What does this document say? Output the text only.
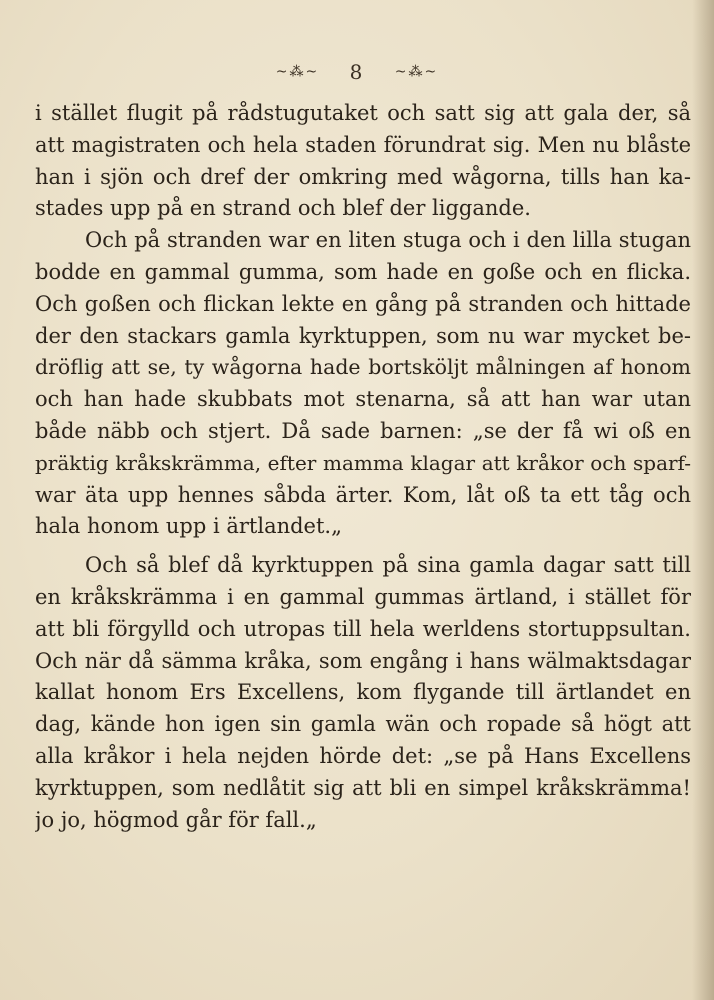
~⁂~ 8 ~⁂~
i stället flugit på rådstugutaket och satt sig att gala der, så
att magistraten och hela staden förundrat sig. Men nu blåste
han i sjön och dref der omkring med wågorna, tills han ka-
stades upp på en strand och blef der liggande.
Och på stranden war en liten stuga och i den lilla stugan
bodde en gammal gumma, som hade en goße och en flicka.
Och goßen och flickan lekte en gång på stranden och hittade
der den stackars gamla kyrktuppen, som nu war mycket be-
dröflig att se, ty wågorna hade bortsköljt målningen af honom
och han hade skubbats mot stenarna, så att han war utan
både näbb och stjert. Då sade barnen: „se der få wi oß en
präktig kråkskrämma, efter mamma klagar att kråkor och sparf-
war äta upp hennes såbda ärter. Kom, låt oß ta ett tåg och
hala honom upp i ärtlandet.„
Och så blef då kyrktuppen på sina gamla dagar satt till
en kråkskrämma i en gammal gummas ärtland, i stället för
att bli förgylld och utropas till hela werldens stortuppsultan.
Och när då sämma kråka, som engång i hans wälmaktsdagar
kallat honom Ers Excellens, kom flygande till ärtlandet en
dag, kände hon igen sin gamla wän och ropade så högt att
alla kråkor i hela nejden hörde det: „se på Hans Excellens
kyrktuppen, som nedlåtit sig att bli en simpel kråkskrämma!
jo jo, högmod går för fall.„
